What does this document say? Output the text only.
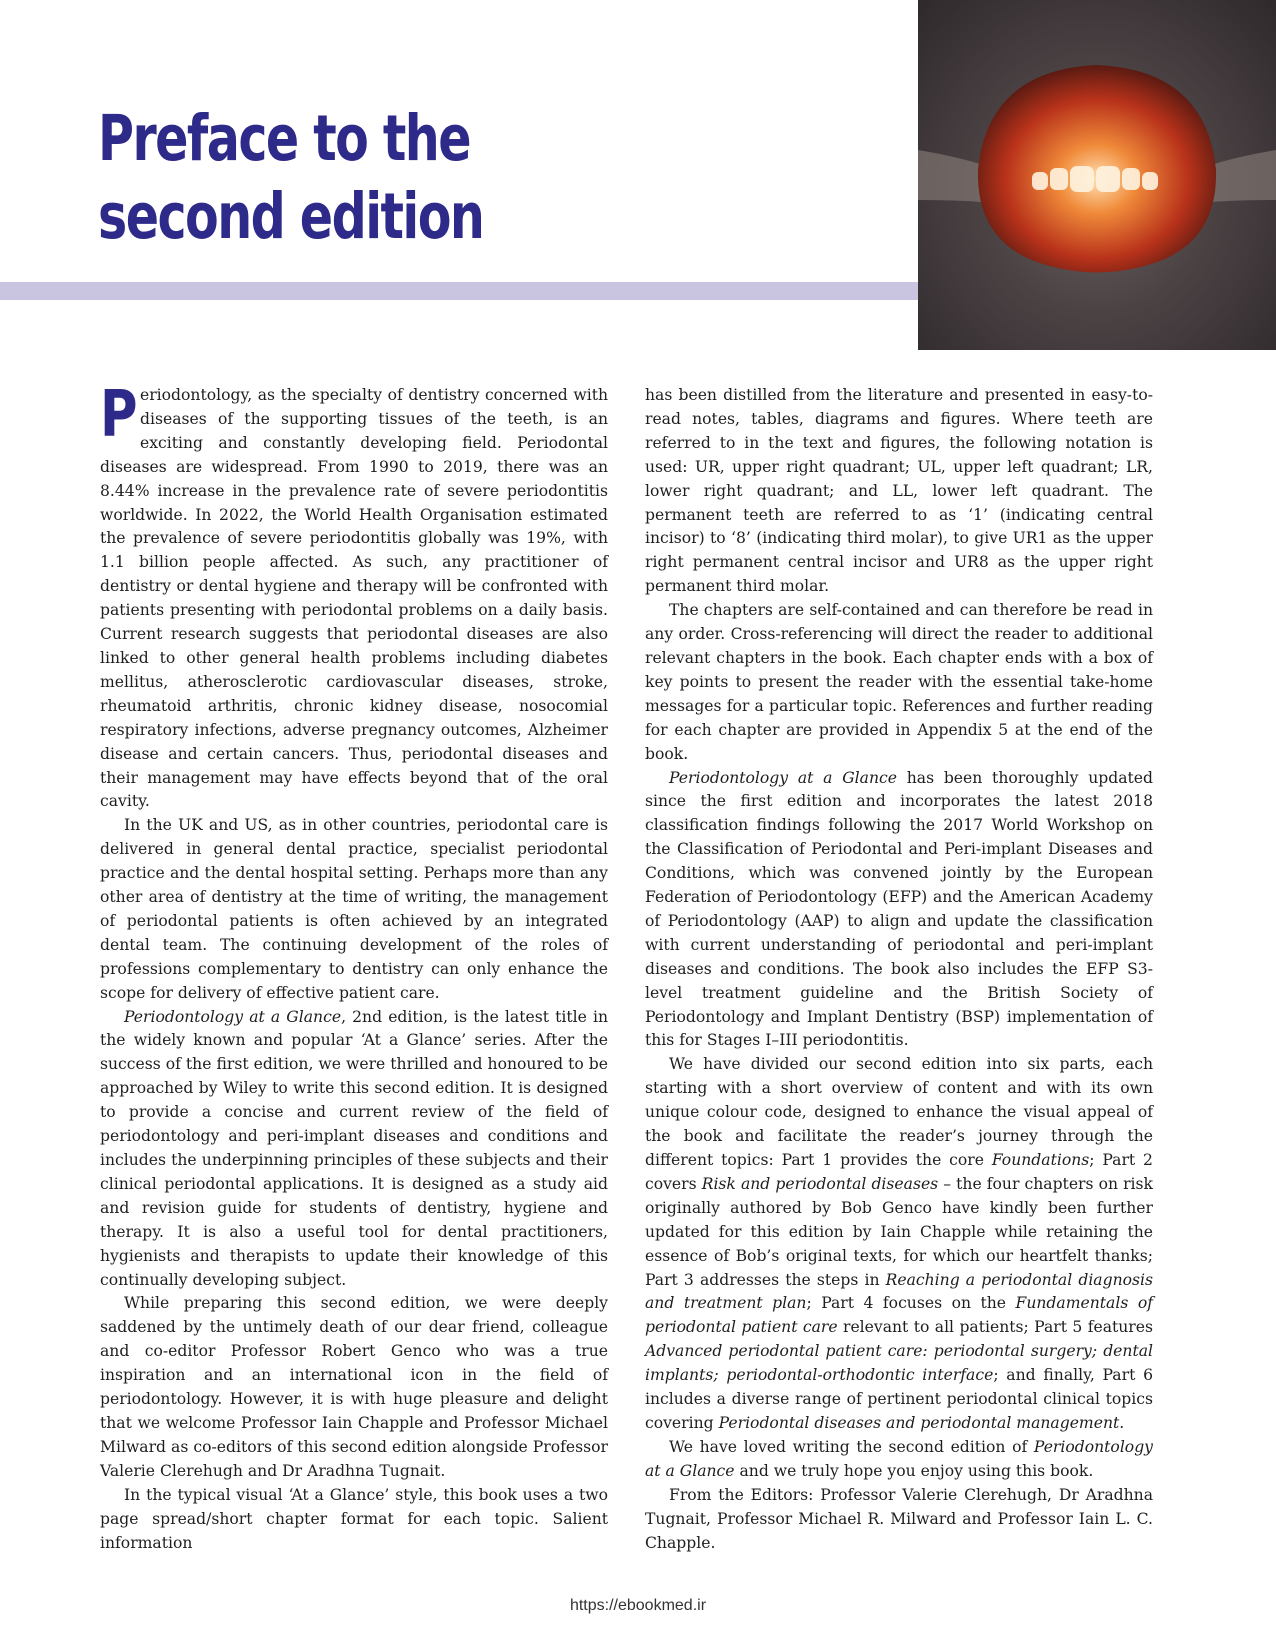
Preface to the
second edition

Periodontology, as the specialty of dentistry concerned with diseases of the supporting tissues of the teeth, is an exciting and constantly developing field. Periodontal diseases are widespread. From 1990 to 2019, there was an 8.44% increase in the prevalence rate of severe periodontitis worldwide. In 2022, the World Health Organisation estimated the prevalence of severe periodontitis globally was 19%, with 1.1 billion people affected. As such, any practitioner of dentistry or dental hygiene and therapy will be confronted with patients presenting with periodontal problems on a daily basis. Current research suggests that periodontal diseases are also linked to other general health problems including diabetes mellitus, atherosclerotic cardiovascular diseases, stroke, rheumatoid arthritis, chronic kidney disease, nosocomial respiratory infections, adverse pregnancy outcomes, Alzheimer disease and certain cancers. Thus, periodontal diseases and their management may have effects beyond that of the oral cavity.

In the UK and US, as in other countries, periodontal care is delivered in general dental practice, specialist periodontal practice and the dental hospital setting. Perhaps more than any other area of dentistry at the time of writing, the management of periodontal patients is often achieved by an integrated dental team. The continuing development of the roles of professions complementary to dentistry can only enhance the scope for delivery of effective patient care.

Periodontology at a Glance, 2nd edition, is the latest title in the widely known and popular ‘At a Glance’ series. After the success of the first edition, we were thrilled and honoured to be approached by Wiley to write this second edition. It is designed to provide a concise and current review of the field of periodontology and peri-implant diseases and conditions and includes the underpinning principles of these subjects and their clinical periodontal applications. It is designed as a study aid and revision guide for students of dentistry, hygiene and therapy. It is also a useful tool for dental practitioners, hygienists and therapists to update their knowledge of this continually developing subject.

While preparing this second edition, we were deeply saddened by the untimely death of our dear friend, colleague and co-editor Professor Robert Genco who was a true inspiration and an international icon in the field of periodontology. However, it is with huge pleasure and delight that we welcome Professor Iain Chapple and Professor Michael Milward as co-editors of this second edition alongside Professor Valerie Clerehugh and Dr Aradhna Tugnait.

In the typical visual ‘At a Glance’ style, this book uses a two page spread/short chapter format for each topic. Salient information

has been distilled from the literature and presented in easy-to-read notes, tables, diagrams and figures. Where teeth are referred to in the text and figures, the following notation is used: UR, upper right quadrant; UL, upper left quadrant; LR, lower right quadrant; and LL, lower left quadrant. The permanent teeth are referred to as ‘1’ (indicating central incisor) to ‘8’ (indicating third molar), to give UR1 as the upper right permanent central incisor and UR8 as the upper right permanent third molar.

The chapters are self-contained and can therefore be read in any order. Cross-referencing will direct the reader to additional relevant chapters in the book. Each chapter ends with a box of key points to present the reader with the essential take-home messages for a particular topic. References and further reading for each chapter are provided in Appendix 5 at the end of the book.

Periodontology at a Glance has been thoroughly updated since the first edition and incorporates the latest 2018 classification findings following the 2017 World Workshop on the Classification of Periodontal and Peri-implant Diseases and Conditions, which was convened jointly by the European Federation of Periodontology (EFP) and the American Academy of Periodontology (AAP) to align and update the classification with current understanding of periodontal and peri-implant diseases and conditions. The book also includes the EFP S3-level treatment guideline and the British Society of Periodontology and Implant Dentistry (BSP) implementation of this for Stages I–III periodontitis.

We have divided our second edition into six parts, each starting with a short overview of content and with its own unique colour code, designed to enhance the visual appeal of the book and facilitate the reader’s journey through the different topics: Part 1 provides the core Foundations; Part 2 covers Risk and periodontal diseases – the four chapters on risk originally authored by Bob Genco have kindly been further updated for this edition by Iain Chapple while retaining the essence of Bob’s original texts, for which our heartfelt thanks; Part 3 addresses the steps in Reaching a periodontal diagnosis and treatment plan; Part 4 focuses on the Fundamentals of periodontal patient care relevant to all patients; Part 5 features Advanced periodontal patient care: periodontal surgery; dental implants; periodontal-orthodontic interface; and finally, Part 6 includes a diverse range of pertinent periodontal clinical topics covering Periodontal diseases and periodontal management.

We have loved writing the second edition of Periodontology at a Glance and we truly hope you enjoy using this book.

From the Editors: Professor Valerie Clerehugh, Dr Aradhna Tugnait, Professor Michael R. Milward and Professor Iain L. C. Chapple.

https://ebookmed.ir
